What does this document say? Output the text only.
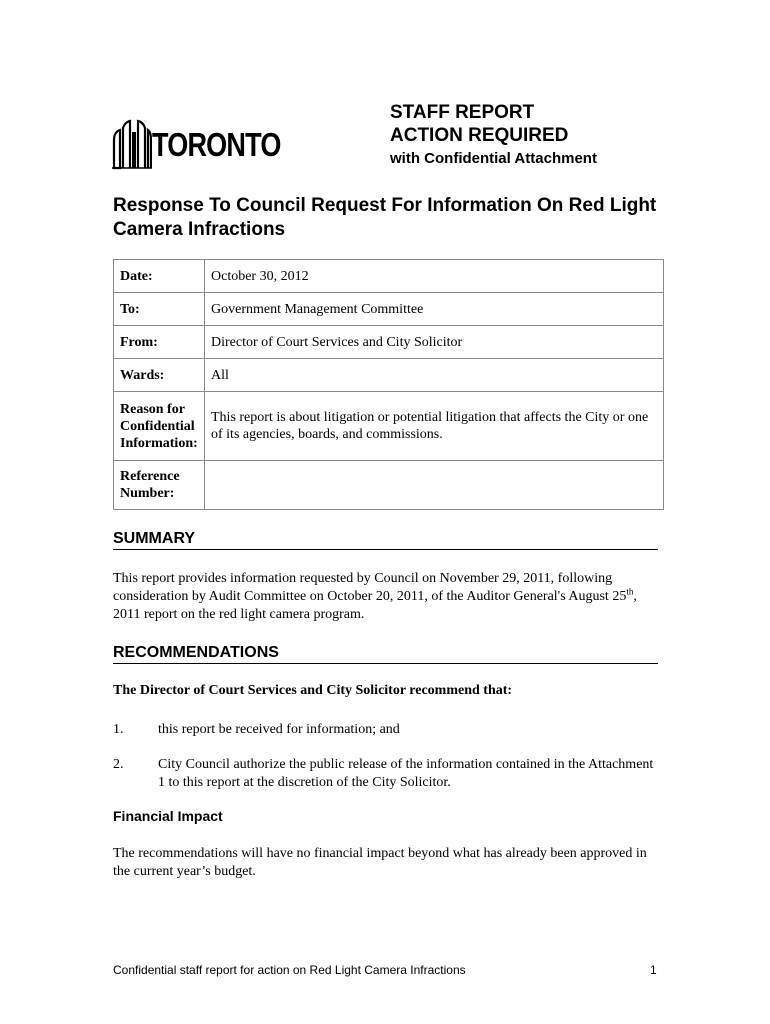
TORONTO
STAFF REPORT
ACTION REQUIRED
with Confidential Attachment
Response To Council Request For Information On Red Light Camera Infractions
Date:	October 30, 2012
To:	Government Management Committee
From:	Director of Court Services and City Solicitor
Wards:	All

Reason for
Confidential
Information:	This report is about litigation or potential litigation that affects the City or one of its agencies, boards, and commissions.

Reference
Number:	

SUMMARY

This report provides information requested by Council on November 29, 2011, following consideration by Audit Committee on October 20, 2011, of the Auditor General's August 25th, 2011 report on the red light camera program.

RECOMMENDATIONS

The Director of Court Services and City Solicitor recommend that:

1. this report be received for information; and
2. City Council authorize the public release of the information contained in the Attachment 1 to this report at the discretion of the City Solicitor.
Financial Impact

The recommendations will have no financial impact beyond what has already been approved in the current year’s budget.

Confidential staff report for action on Red Light Camera Infractions	1
